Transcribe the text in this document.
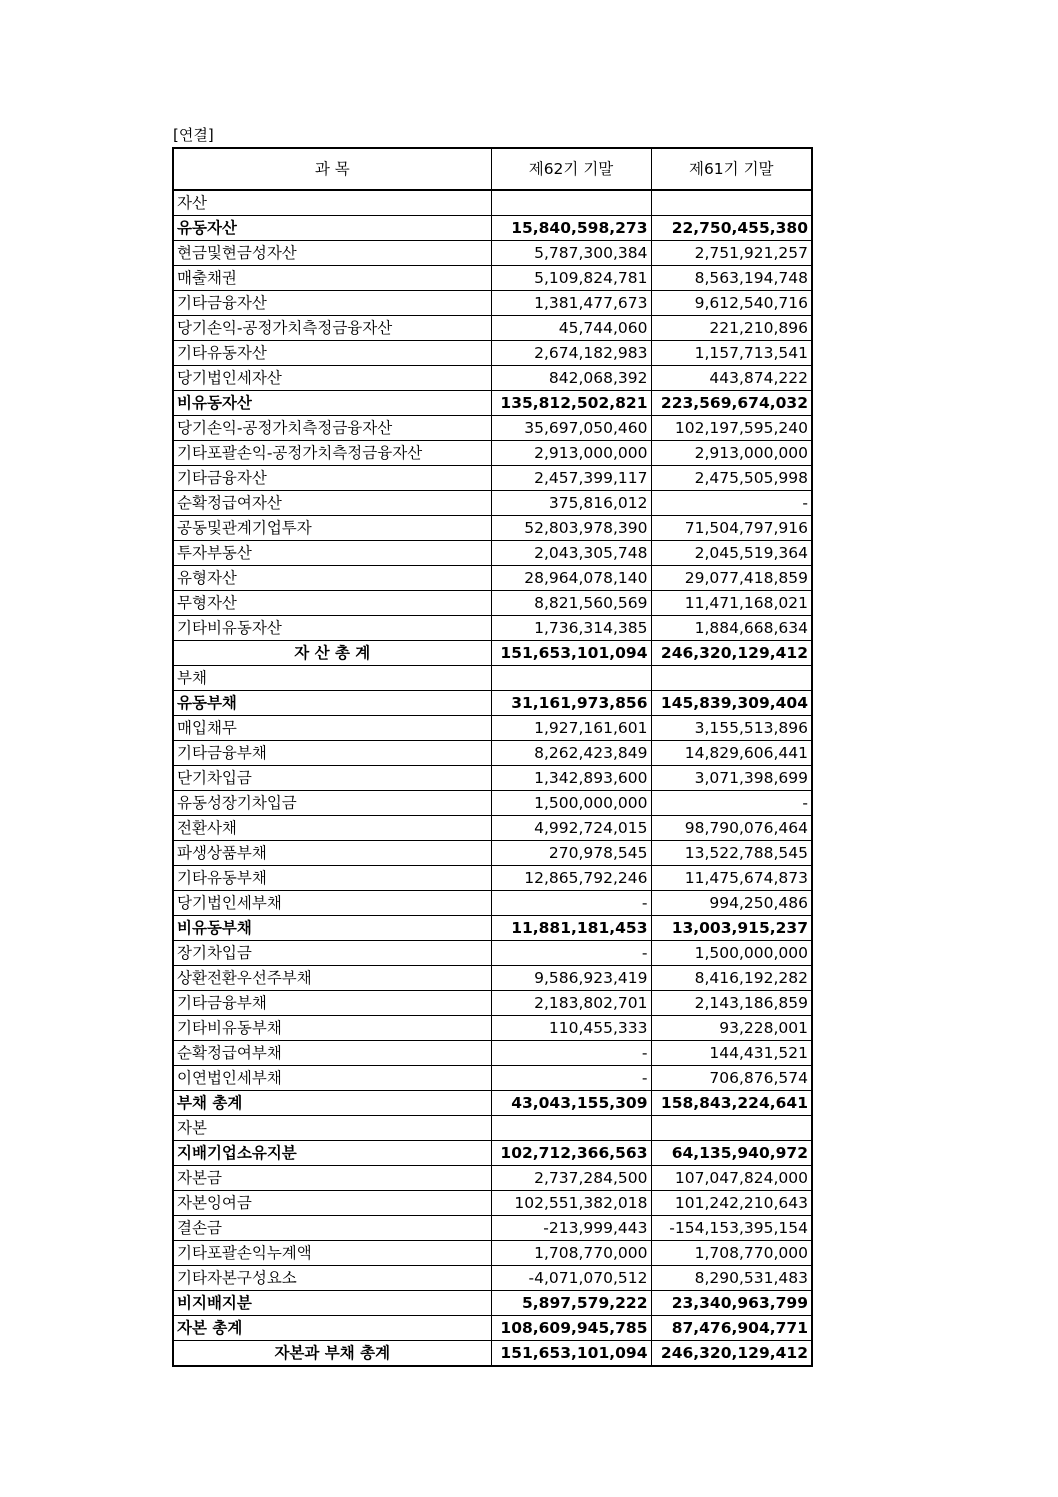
[연결]
과 목	제62기 기말	제61기 기말
자산		
유동자산	15,840,598,273	22,750,455,380
현금및현금성자산	5,787,300,384	2,751,921,257
매출채권	5,109,824,781	8,563,194,748
기타금융자산	1,381,477,673	9,612,540,716
당기손익-공정가치측정금융자산	45,744,060	221,210,896
기타유동자산	2,674,182,983	1,157,713,541
당기법인세자산	842,068,392	443,874,222
비유동자산	135,812,502,821	223,569,674,032
당기손익-공정가치측정금융자산	35,697,050,460	102,197,595,240
기타포괄손익-공정가치측정금융자산	2,913,000,000	2,913,000,000
기타금융자산	2,457,399,117	2,475,505,998
순확정급여자산	375,816,012	-
공동및관계기업투자	52,803,978,390	71,504,797,916
투자부동산	2,043,305,748	2,045,519,364
유형자산	28,964,078,140	29,077,418,859
무형자산	8,821,560,569	11,471,168,021
기타비유동자산	1,736,314,385	1,884,668,634
자 산 총 계	151,653,101,094	246,320,129,412
부채		
유동부채	31,161,973,856	145,839,309,404
매입채무	1,927,161,601	3,155,513,896
기타금융부채	8,262,423,849	14,829,606,441
단기차입금	1,342,893,600	3,071,398,699
유동성장기차입금	1,500,000,000	-
전환사채	4,992,724,015	98,790,076,464
파생상품부채	270,978,545	13,522,788,545
기타유동부채	12,865,792,246	11,475,674,873
당기법인세부채	-	994,250,486
비유동부채	11,881,181,453	13,003,915,237
장기차입금	-	1,500,000,000
상환전환우선주부채	9,586,923,419	8,416,192,282
기타금융부채	2,183,802,701	2,143,186,859
기타비유동부채	110,455,333	93,228,001
순확정급여부채	-	144,431,521
이연법인세부채	-	706,876,574
부채 총계	43,043,155,309	158,843,224,641
자본		
지배기업소유지분	102,712,366,563	64,135,940,972
자본금	2,737,284,500	107,047,824,000
자본잉여금	102,551,382,018	101,242,210,643
결손금	-213,999,443	-154,153,395,154
기타포괄손익누계액	1,708,770,000	1,708,770,000
기타자본구성요소	-4,071,070,512	8,290,531,483
비지배지분	5,897,579,222	23,340,963,799
자본 총계	108,609,945,785	87,476,904,771
자본과 부채 총계	151,653,101,094	246,320,129,412
